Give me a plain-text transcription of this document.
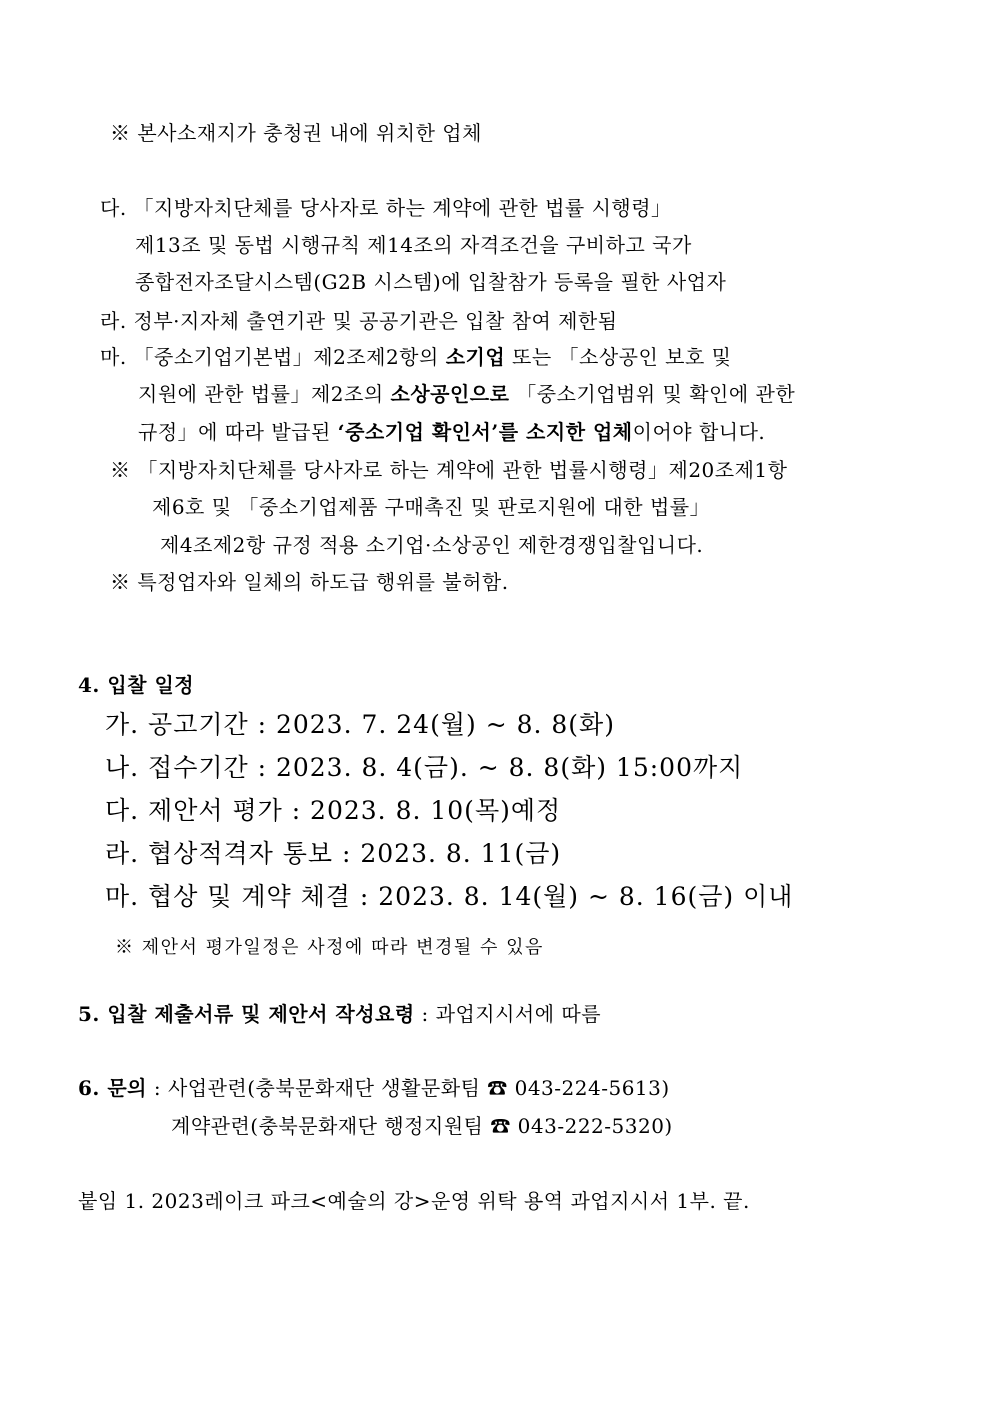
※ 본사소재지가 충청권 내에 위치한 업체
다. 「지방자치단체를 당사자로 하는 계약에 관한 법률 시행령」
제13조 및 동법 시행규칙 제14조의 자격조건을 구비하고 국가
종합전자조달시스템(G2B 시스템)에 입찰참가 등록을 필한 사업자
라. 정부·지자체 출연기관 및 공공기관은 입찰 참여 제한됨
마. 「중소기업기본법」제2조제2항의 소기업 또는 「소상공인 보호 및
지원에 관한 법률」제2조의 소상공인으로 「중소기업범위 및 확인에 관한
규정」에 따라 발급된 ‘중소기업 확인서’를 소지한 업체이어야 합니다.
※ 「지방자치단체를 당사자로 하는 계약에 관한 법률시행령」제20조제1항
제6호 및 「중소기업제품 구매촉진 및 판로지원에 대한 법률」
제4조제2항 규정 적용 소기업·소상공인 제한경쟁입찰입니다.
※ 특정업자와 일체의 하도급 행위를 불허함.
4. 입찰 일정
가. 공고기간 : 2023. 7. 24(월) ~ 8. 8(화)
나. 접수기간 : 2023. 8. 4(금). ~ 8. 8(화) 15:00까지
다. 제안서 평가 : 2023. 8. 10(목)예정
라. 협상적격자 통보 : 2023. 8. 11(금)
마. 협상 및 계약 체결 : 2023. 8. 14(월) ~ 8. 16(금) 이내
※ 제안서 평가일정은 사정에 따라 변경될 수 있음
5. 입찰 제출서류 및 제안서 작성요령 : 과업지시서에 따름
6. 문의 : 사업관련(충북문화재단 생활문화팀 ☎ 043-224-5613)
계약관련(충북문화재단 행정지원팀 ☎ 043-222-5320)
붙임 1. 2023레이크 파크<예술의 강>운영 위탁 용역 과업지시서 1부. 끝.
